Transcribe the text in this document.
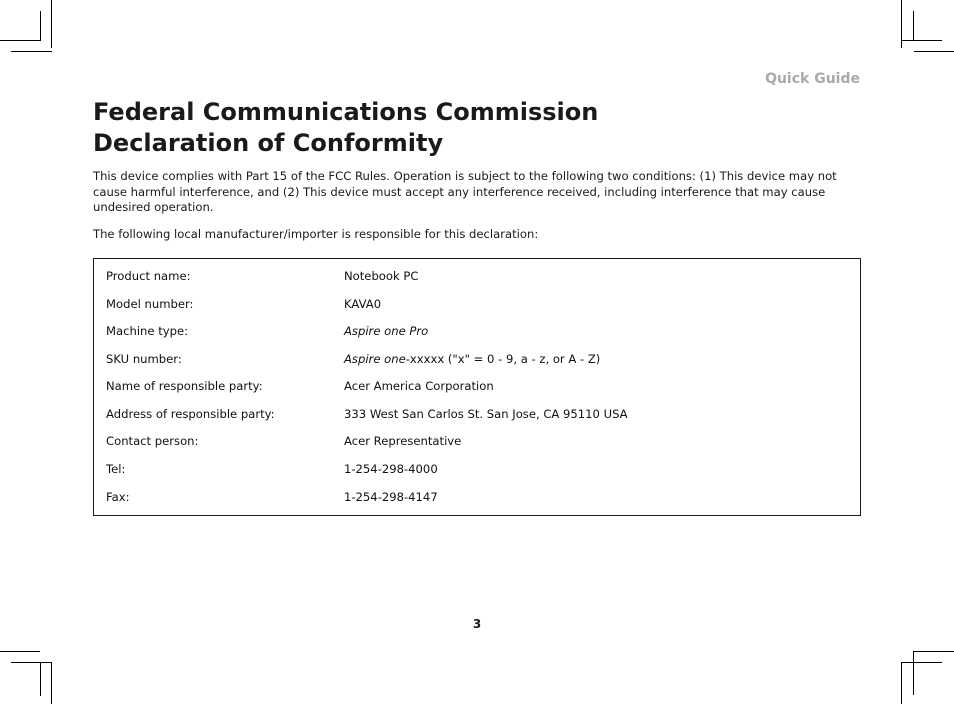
Quick Guide
Federal Communications Commission
Declaration of Conformity

This device complies with Part 15 of the FCC Rules. Operation is subject to the following two conditions: (1) This device may not cause harmful interference, and (2) This device must accept any interference received, including interference that may cause undesired operation.

The following local manufacturer/importer is responsible for this declaration:

Product name:	Notebook PC
Model number:	KAVA0
Machine type:	Aspire one Pro
SKU number:	Aspire one-xxxxx ("x" = 0 - 9, a - z, or A - Z)
Name of responsible party:	Acer America Corporation
Address of responsible party:	333 West San Carlos St. San Jose, CA 95110 USA
Contact person:	Acer Representative
Tel:	1-254-298-4000
Fax:	1-254-298-4147
3
